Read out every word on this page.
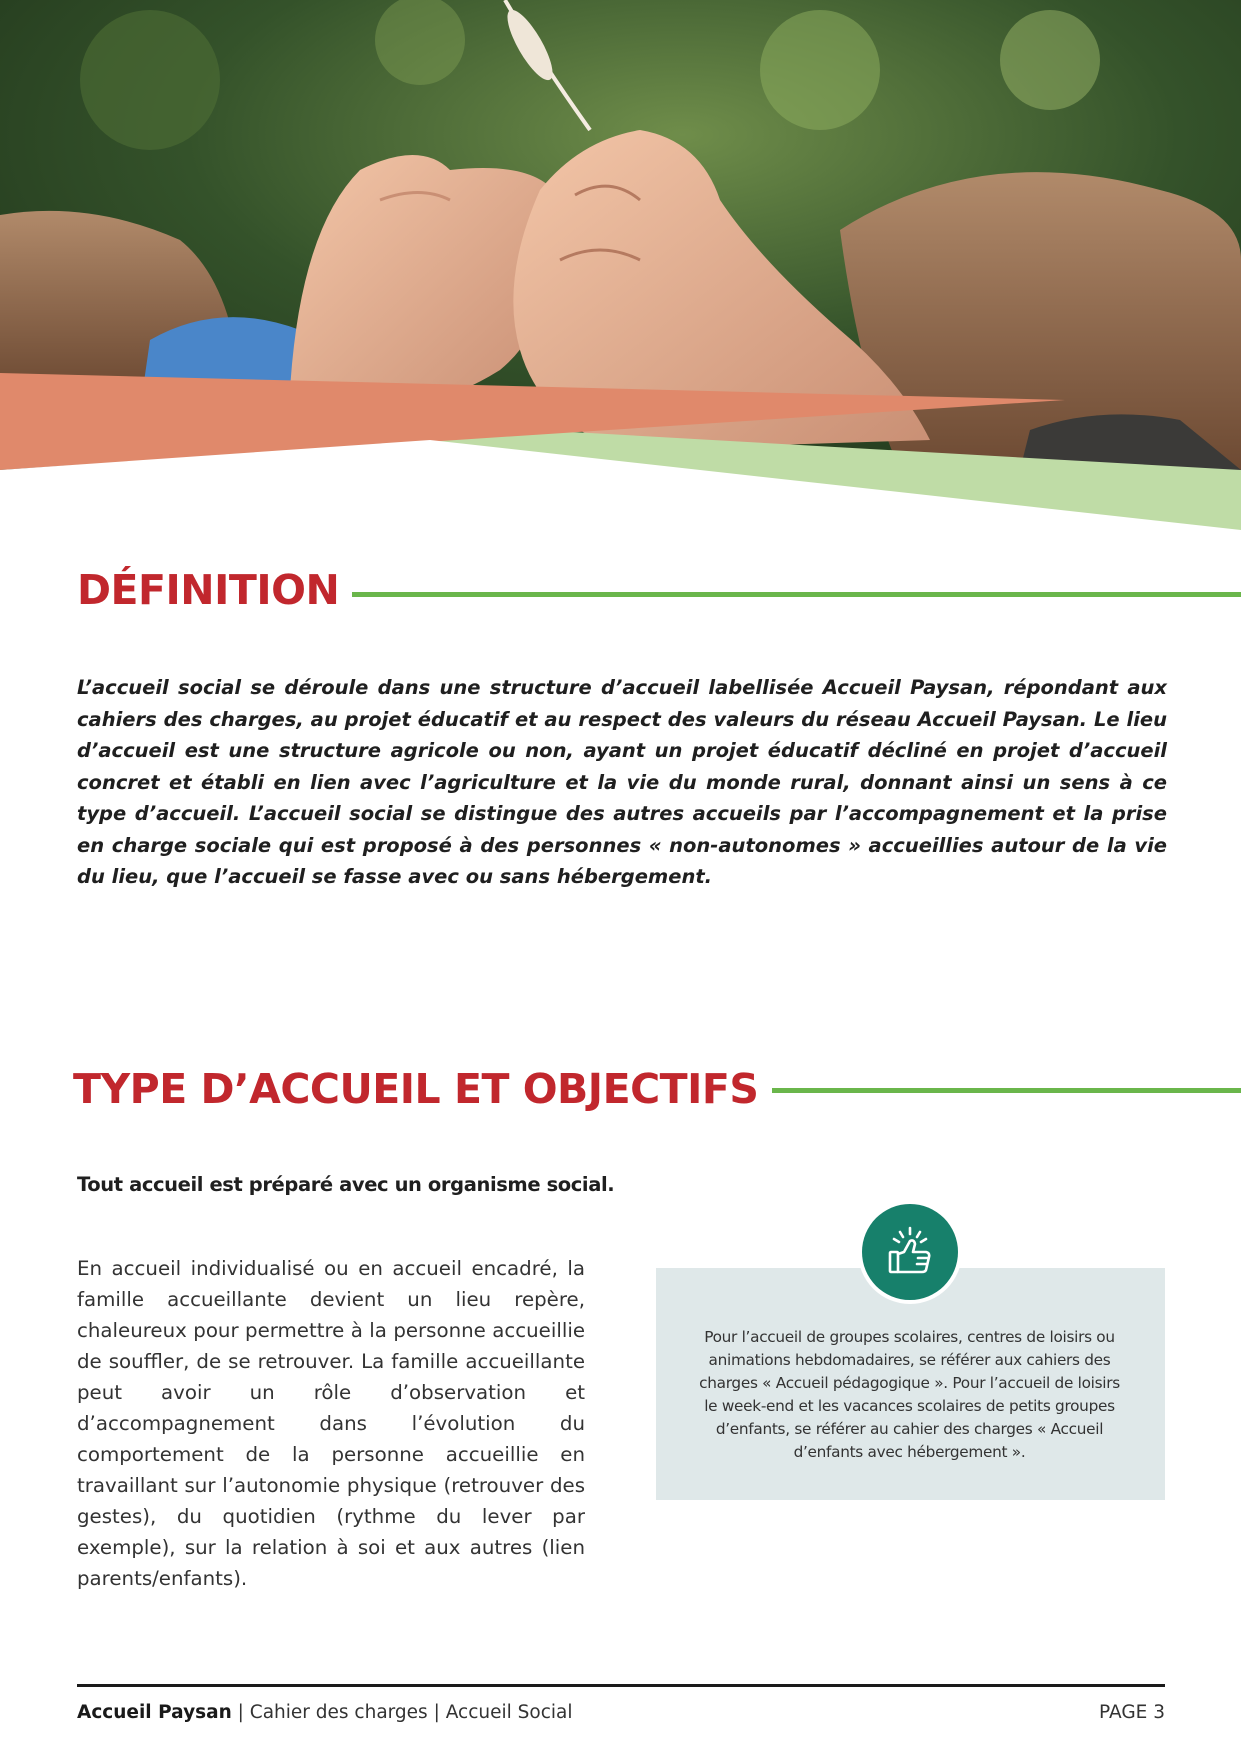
DÉFINITION

L’accueil social se déroule dans une structure d’accueil labellisée Accueil Paysan, répondant aux cahiers des charges, au projet éducatif et au respect des valeurs du réseau Accueil Paysan. Le lieu d’accueil est une structure agricole ou non, ayant un projet éducatif décliné en projet d’accueil concret et établi en lien avec l’agriculture et la vie du monde rural, donnant ainsi un sens à ce type d’accueil. L’accueil social se distingue des autres accueils par l’accompagnement et la prise en charge sociale qui est proposé à des personnes « non-autonomes » accueillies autour de la vie du lieu, que l’accueil se fasse avec ou sans hébergement.

TYPE D’ACCUEIL ET OBJECTIFS

Tout accueil est préparé avec un organisme social.

En accueil individualisé ou en accueil encadré, la famille accueillante devient un lieu repère, chaleureux pour permettre à la personne accueillie de souffler, de se retrouver. La famille accueillante peut avoir un rôle d’observation et d’accompagnement dans l’évolution du comportement de la personne accueillie en travaillant sur l’autonomie physique (retrouver des gestes), du quotidien (rythme du lever par exemple), sur la relation à soi et aux autres (lien parents/enfants).

Pour l’accueil de groupes scolaires, centres de loisirs ou animations hebdomadaires, se référer aux cahiers des charges « Accueil pédagogique ». Pour l’accueil de loisirs le week-end et les vacances scolaires de petits groupes d’enfants, se référer au cahier des charges « Accueil d’enfants avec hébergement ».

Accueil Paysan | Cahier des charges | Accueil Social	PAGE 3
